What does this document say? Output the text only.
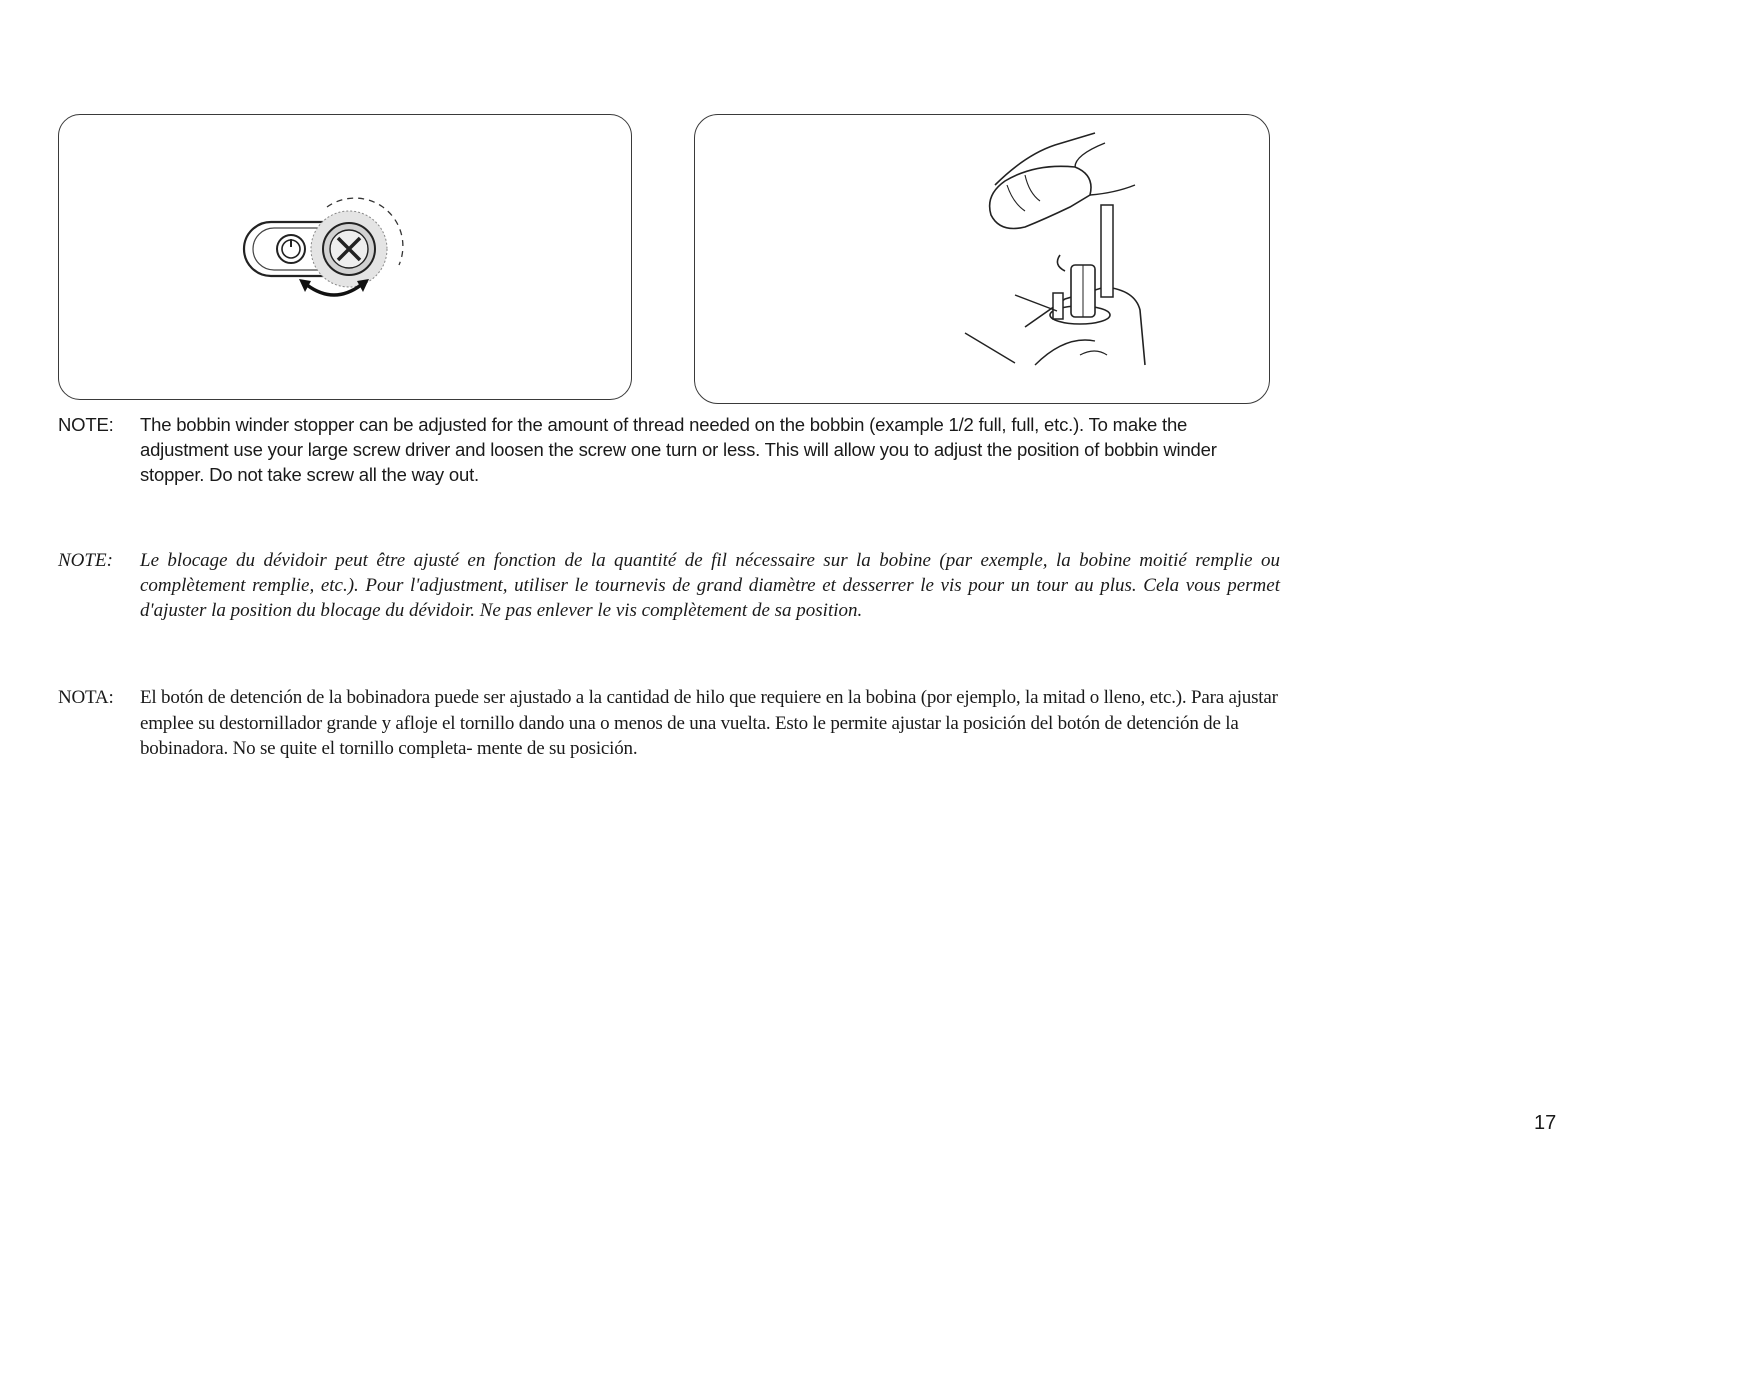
NOTE: The bobbin winder stopper can be adjusted for the amount of thread needed on the bobbin (example 1/2 full, full, etc.). To make the adjustment use your large screw driver and loosen the screw one turn or less. This will allow you to adjust the position of bobbin winder stopper. Do not take screw all the way out.
NOTE: Le blocage du dévidoir peut être ajusté en fonction de la quantité de fil nécessaire sur la bobine (par exemple, la bobine moitié remplie ou complètement remplie, etc.). Pour l'adjustment, utiliser le tournevis de grand diamètre et desserrer le vis pour un tour au plus. Cela vous permet d'ajuster la position du blocage du dévidoir. Ne pas enlever le vis complètement de sa position.
NOTA: El botón de detención de la bobinadora puede ser ajustado a la cantidad de hilo que requiere en la bobina (por ejemplo, la mitad o lleno, etc.). Para ajustar emplee su destornillador grande y afloje el tornillo dando una o menos de una vuelta. Esto le permite ajustar la posición del botón de detención de la bobinadora. No se quite el tornillo completa- mente de su posición.
17
